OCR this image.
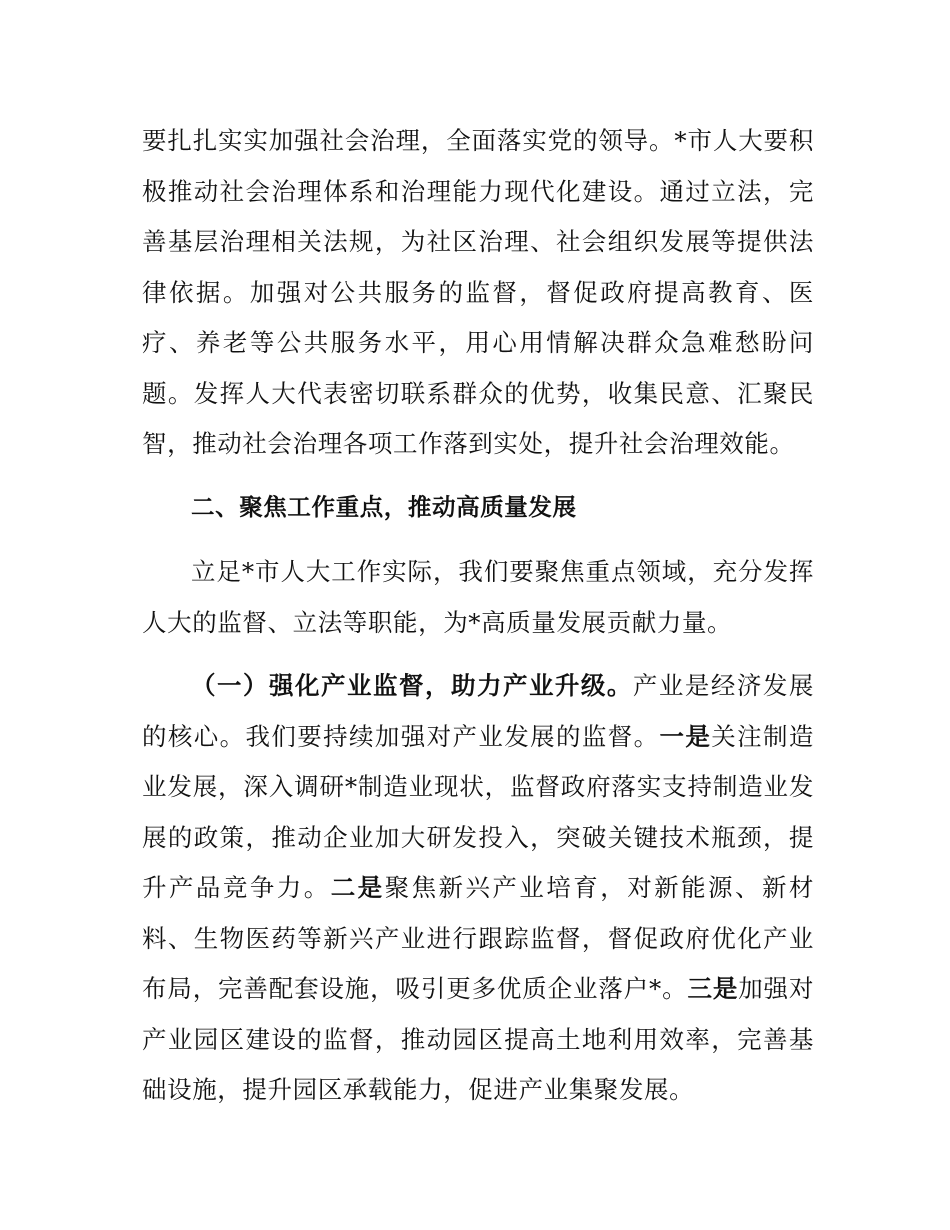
要扎扎实实加强社会治理，全面落实党的领导。*市人大要积极推动社会治理体系和治理能力现代化建设。通过立法，完善基层治理相关法规，为社区治理、社会组织发展等提供法律依据。加强对公共服务的监督，督促政府提高教育、医疗、养老等公共服务水平，用心用情解决群众急难愁盼问题。发挥人大代表密切联系群众的优势，收集民意、汇聚民智，推动社会治理各项工作落到实处，提升社会治理效能。
二、聚焦工作重点，推动高质量发展
立足*市人大工作实际，我们要聚焦重点领域，充分发挥人大的监督、立法等职能，为*高质量发展贡献力量。
（一）强化产业监督，助力产业升级。产业是经济发展的核心。我们要持续加强对产业发展的监督。一是关注制造业发展，深入调研*制造业现状，监督政府落实支持制造业发展的政策，推动企业加大研发投入，突破关键技术瓶颈，提升产品竞争力。二是聚焦新兴产业培育，对新能源、新材料、生物医药等新兴产业进行跟踪监督，督促政府优化产业布局，完善配套设施，吸引更多优质企业落户*。三是加强对产业园区建设的监督，推动园区提高土地利用效率，完善基础设施，提升园区承载能力，促进产业集聚发展。
